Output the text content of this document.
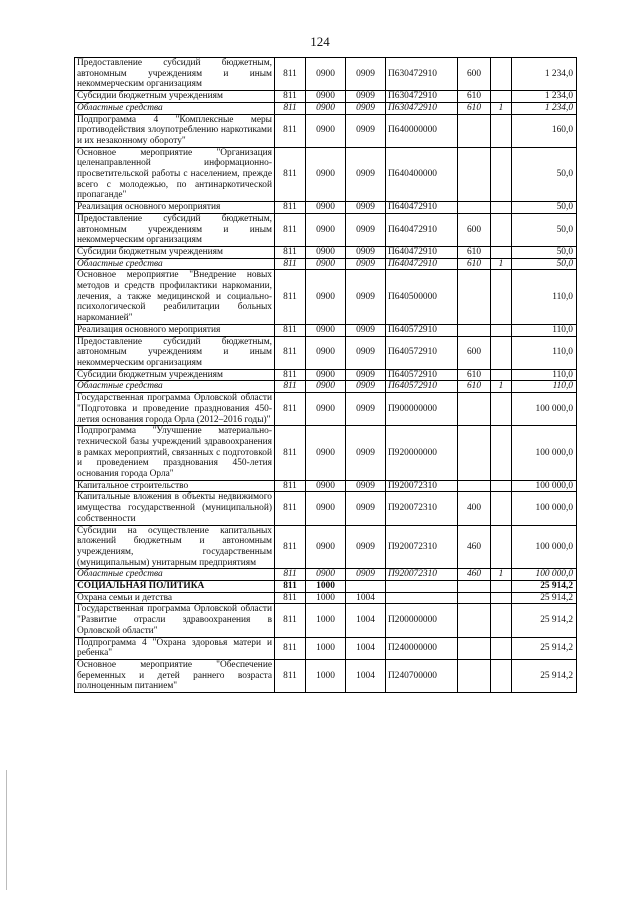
124
Предоставление субсидий бюджетным, автономным учреждениям и иным некоммерческим организациям	811	0900	0909	П630472910	600		1 234,0
Субсидии бюджетным учреждениям	811	0900	0909	П630472910	610		1 234,0
Областные средства	811	0900	0909	П630472910	610	1	1 234,0
Подпрограмма 4 "Комплексные меры противодействия злоупотреблению наркотиками и их незаконному обороту"	811	0900	0909	П640000000			160,0
Основное мероприятие "Организация целенаправленной информационно-просветительской работы с населением, прежде всего с молодежью, по антинаркотической пропаганде"	811	0900	0909	П640400000			50,0
Реализация основного мероприятия	811	0900	0909	П640472910			50,0
Предоставление субсидий бюджетным, автономным учреждениям и иным некоммерческим организациям	811	0900	0909	П640472910	600		50,0
Субсидии бюджетным учреждениям	811	0900	0909	П640472910	610		50,0
Областные средства	811	0900	0909	П640472910	610	1	50,0
Основное мероприятие "Внедрение новых методов и средств профилактики наркомании, лечения, а также медицинской и социально-психологической реабилитации больных наркоманией"	811	0900	0909	П640500000			110,0
Реализация основного мероприятия	811	0900	0909	П640572910			110,0
Предоставление субсидий бюджетным, автономным учреждениям и иным некоммерческим организациям	811	0900	0909	П640572910	600		110,0
Субсидии бюджетным учреждениям	811	0900	0909	П640572910	610		110,0
Областные средства	811	0900	0909	П640572910	610	1	110,0
Государственная программа Орловской области "Подготовка и проведение празднования 450-летия основания города Орла (2012–2016 годы)"	811	0900	0909	П900000000			100 000,0
Подпрограмма "Улучшение материально-технической базы учреждений здравоохранения в рамках мероприятий, связанных с подготовкой и проведением празднования 450-летия основания города Орла"	811	0900	0909	П920000000			100 000,0
Капитальное строительство	811	0900	0909	П920072310			100 000,0
Капитальные вложения в объекты недвижимого имущества государственной (муниципальной) собственности	811	0900	0909	П920072310	400		100 000,0
Субсидии на осуществление капитальных вложений бюджетным и автономным учреждениям, государственным (муниципальным) унитарным предприятиям	811	0900	0909	П920072310	460		100 000,0
Областные средства	811	0900	0909	П920072310	460	1	100 000,0
СОЦИАЛЬНАЯ ПОЛИТИКА	811	1000					25 914,2
Охрана семьи и детства	811	1000	1004				25 914,2
Государственная программа Орловской области "Развитие отрасли здравоохранения в Орловской области"	811	1000	1004	П200000000			25 914,2
Подпрограмма 4 "Охрана здоровья матери и ребенка"	811	1000	1004	П240000000			25 914,2
Основное мероприятие "Обеспечение беременных и детей раннего возраста полноценным питанием"	811	1000	1004	П240700000			25 914,2
